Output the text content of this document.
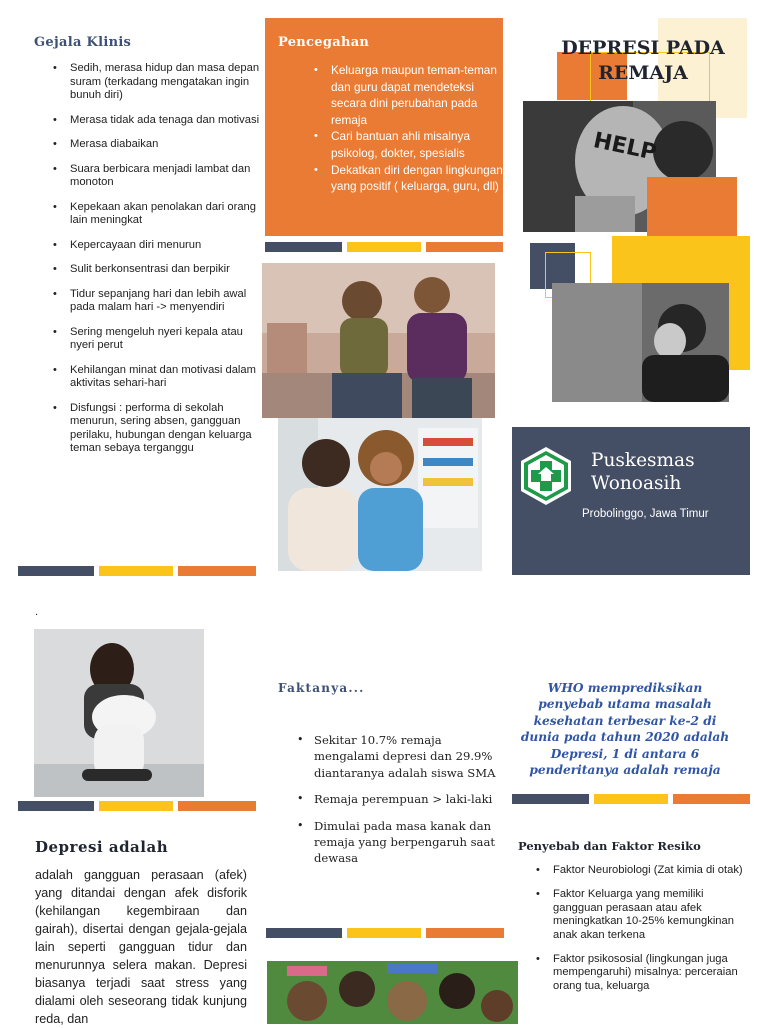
Gejala Klinis
• Sedih, merasa hidup dan masa depan suram (terkadang mengatakan ingin bunuh diri)
• Merasa tidak ada tenaga dan motivasi
• Merasa diabaikan
• Suara berbicara menjadi lambat dan monoton
• Kepekaan akan penolakan dari orang lain meningkat
• Kepercayaan diri menurun
• Sulit berkonsentrasi dan berpikir
• Tidur sepanjang hari dan lebih awal pada malam hari -> menyendiri
• Sering mengeluh nyeri kepala atau nyeri perut
• Kehilangan minat dan motivasi dalam aktivitas sehari-hari
• Disfungsi : performa di sekolah menurun, sering absen, gangguan perilaku, hubungan dengan keluarga teman sebaya terganggu
Pencegahan
• Keluarga maupun teman-teman dan guru dapat mendeteksi secara dini perubahan pada remaja
• Cari bantuan ahli misalnya psikolog, dokter, spesialis
• Dekatkan diri dengan lingkungan yang positif ( keluarga, guru, dll)
DEPRESI PADA
REMAJA
HELP
Puskesmas
Wonoasih
Probolinggo, Jawa Timur
.
Depresi adalah
adalah gangguan perasaan (afek) yang ditandai dengan afek disforik (kehilangan kegembiraan dan gairah), disertai dengan gejala-gejala lain seperti gangguan tidur dan menurunnya selera makan. Depresi biasanya terjadi saat stress yang dialami oleh seseorang tidak kunjung reda, dan
Faktanya...
• Sekitar 10.7% remaja mengalami depresi dan 29.9% diantaranya adalah siswa SMA
• Remaja perempuan > laki-laki
• Dimulai pada masa kanak dan remaja yang berpengaruh saat dewasa
WHO memprediksikan penyebab utama masalah kesehatan terbesar ke-2 di dunia pada tahun 2020 adalah Depresi, 1 di antara 6 penderitanya adalah remaja
Penyebab dan Faktor Resiko
• Faktor Neurobiologi (Zat kimia di otak)
• Faktor Keluarga yang memiliki gangguan perasaan atau afek meningkatkan 10-25% kemungkinan anak akan terkena
• Faktor psikososial (lingkungan juga mempengaruhi) misalnya: perceraian orang tua, keluarga
